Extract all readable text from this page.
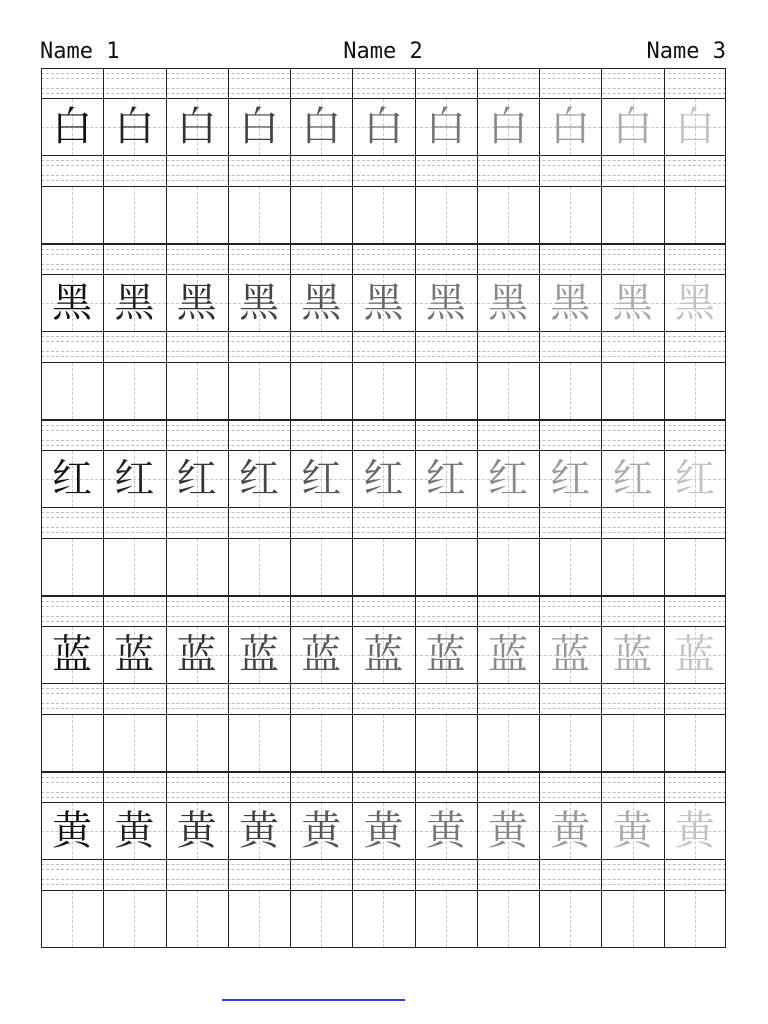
Name 1	Name 2	Name 3
白 白 白 白 白 白 白 白 白 白 白
黑 黑 黑 黑 黑 黑 黑 黑 黑 黑 黑
红 红 红 红 红 红 红 红 红 红 红
蓝 蓝 蓝 蓝 蓝 蓝 蓝 蓝 蓝 蓝 蓝
黄 黄 黄 黄 黄 黄 黄 黄 黄 黄 黄
